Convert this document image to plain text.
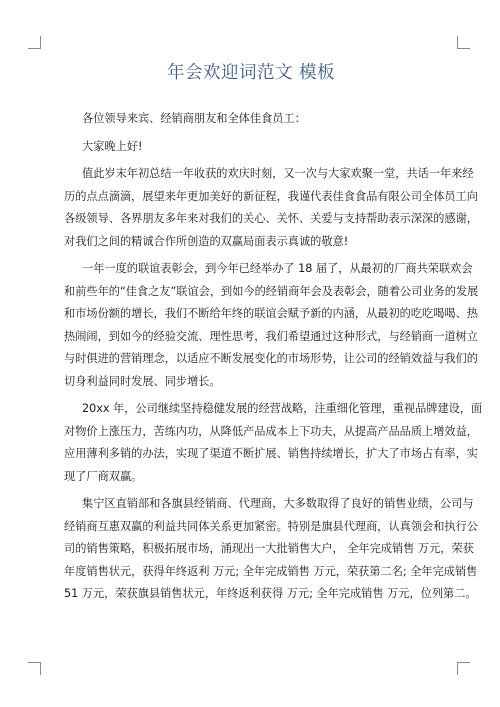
年会欢迎词范文 模板

各位领导来宾、经销商朋友和全体佳食员工：

大家晚上好!

值此岁末年初总结一年收获的欢庆时刻，又一次与大家欢聚一堂，共话一年来经

历的点点滴滴，展望来年更加美好的新征程，我谨代表佳食食品有限公司全体员工向

各级领导、各界朋友多年来对我们的关心、关怀、关爱与支持帮助表示深深的感谢，

对我们之间的精诚合作所创造的双赢局面表示真诚的敬意!

一年一度的联谊表彰会，到今年已经举办了 18 届了，从最初的厂商共荣联欢会

和前些年的“佳食之友”联谊会，到如今的经销商年会及表彰会，随着公司业务的发展

和市场份额的增长，我们不断给年终的联谊会赋予新的内涵，从最初的吃吃喝喝、热

热闹闹，到如今的经验交流、理性思考，我们希望通过这种形式，与经销商一道树立

与时俱进的营销理念，以适应不断发展变化的市场形势，让公司的经销效益与我们的

切身利益同时发展、同步增长。

20xx 年，公司继续坚持稳健发展的经营战略，注重细化管理，重视品牌建设，面

对物价上涨压力，苦练内功，从降低产品成本上下功夫，从提高产品品质上增效益，

应用薄利多销的办法，实现了渠道不断扩展、销售持续增长，扩大了市场占有率，实

现了厂商双赢。

集宁区直销部和各旗县经销商、代理商，大多数取得了良好的销售业绩，公司与

经销商互惠双赢的利益共同体关系更加紧密。特别是旗县代理商，认真领会和执行公

司的销售策略，积极拓展市场，涌现出一大批销售大户， 全年完成销售 万元，荣获

年度销售状元，获得年终返利 万元; 全年完成销售 万元，荣获第二名; 全年完成销售

51 万元，荣获旗县销售状元，年终返利获得 万元; 全年完成销售 万元，位列第二。
